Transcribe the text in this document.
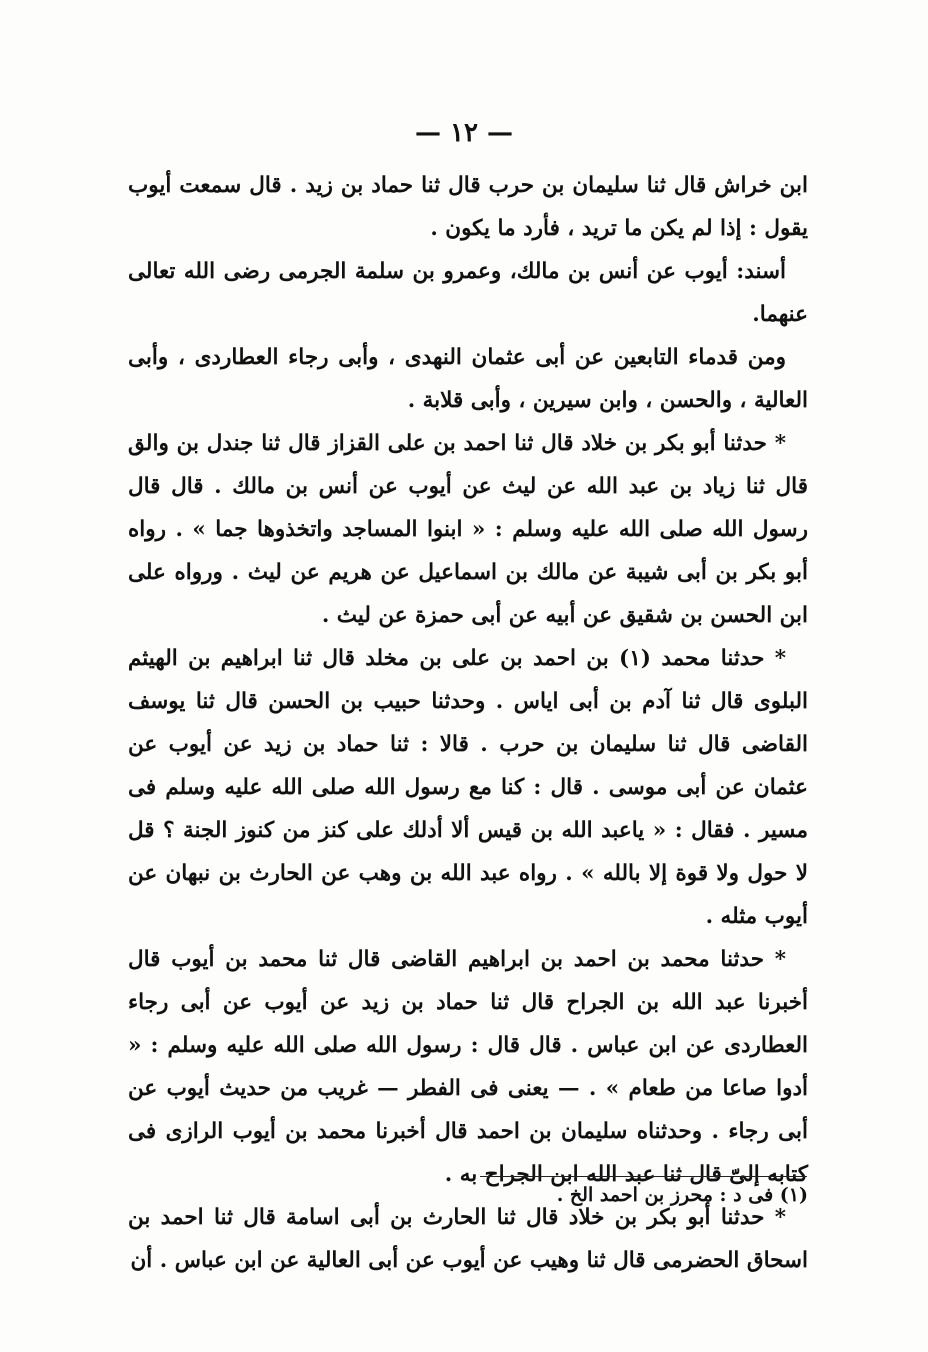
— ١٢ —

ابن خراش قال ثنا سليمان بن حرب قال ثنا حماد بن زيد . قال سمعت أيوب يقول : إذا لم يكن ما تريد ، فأرد ما يكون .

أسند: أيوب عن أنس بن مالك، وعمرو بن سلمة الجرمى رضى الله تعالى عنهما.

ومن قدماء التابعين عن أبى عثمان النهدى ، وأبى رجاء العطاردى ، وأبى العالية ، والحسن ، وابن سيرين ، وأبى قلابة .

* حدثنا أبو بكر بن خلاد قال ثنا احمد بن على القزاز قال ثنا جندل بن والق قال ثنا زياد بن عبد الله عن ليث عن أيوب عن أنس بن مالك . قال قال رسول الله صلى الله عليه وسلم : « ابنوا المساجد واتخذوها جما » . رواه أبو بكر بن أبى شيبة عن مالك بن اسماعيل عن هريم عن ليث . ورواه على ابن الحسن بن شقيق عن أبيه عن أبى حمزة عن ليث .

* حدثنا محمد (١) بن احمد بن على بن مخلد قال ثنا ابراهيم بن الهيثم البلوى قال ثنا آدم بن أبى اياس . وحدثنا حبيب بن الحسن قال ثنا يوسف القاضى قال ثنا سليمان بن حرب . قالا : ثنا حماد بن زيد عن أيوب عن عثمان عن أبى موسى . قال : كنا مع رسول الله صلى الله عليه وسلم فى مسير . فقال : « ياعبد الله بن قيس ألا أدلك على كنز من كنوز الجنة ؟ قل لا حول ولا قوة إلا بالله » . رواه عبد الله بن وهب عن الحارث بن نبهان عن أيوب مثله .

* حدثنا محمد بن احمد بن ابراهيم القاضى قال ثنا محمد بن أيوب قال أخبرنا عبد الله بن الجراح قال ثنا حماد بن زيد عن أيوب عن أبى رجاء العطاردى عن ابن عباس . قال قال : رسول الله صلى الله عليه وسلم : « أدوا صاعا من طعام » . — يعنى فى الفطر — غريب من حديث أيوب عن أبى رجاء . وحدثناه سليمان بن احمد قال أخبرنا محمد بن أيوب الرازى فى كتابه إلىّ قال ثنا عبد الله ابن الجراح به .

* حدثنا أبو بكر بن خلاد قال ثنا الحارث بن أبى اسامة قال ثنا احمد بن اسحاق الحضرمى قال ثنا وهيب عن أيوب عن أبى العالية عن ابن عباس . أن

(١) فى د : محرز بن احمد الخ .
